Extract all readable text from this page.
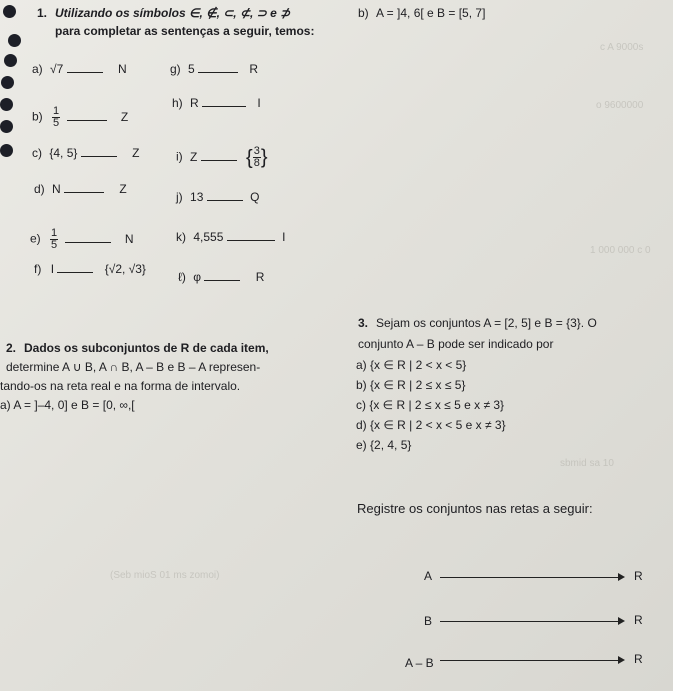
c A 9000s
o 9600000
1 000 000 c 0
sbmid sa 10
(Seb mioS 01 ms zomoi)
1. Utilizando os símbolos ∈, ∉, ⊂, ⊄, ⊃ e ⊅
para completar as sentenças a seguir, temos:
b) A = ]4, 6[ e B = [5, 7]
a) √7	N
$b) \frac{1}{5}$	Z
c) {4, 5}	Z
d) N	Z
$e) \frac{1}{5}$	N
f) I	{√2, √3}
g) 5	R
h) R	I
i) Z { $\frac{3}{8}$ }
j) 13	Q
k) 4,555	I
ℓ) φ	R
2. Dados os subconjuntos de R de cada item,
determine A ∪ B, A ∩ B, A – B e B – A represen-
tando-os na reta real e na forma de intervalo.
a) A = ]–4, 0] e B = [0, ∞,[
3. Sejam os conjuntos A = [2, 5] e B = {3}. O
conjunto A – B pode ser indicado por
a) {x ∈ R | 2 < x < 5}
b) {x ∈ R | 2 ≤ x ≤ 5}
c) {x ∈ R | 2 ≤ x ≤ 5 e x ≠ 3}
d) {x ∈ R | 2 < x < 5 e x ≠ 3}
e) {2, 4, 5}
Registre os conjuntos nas retas a seguir:
A	R
B	R
A – B	R
